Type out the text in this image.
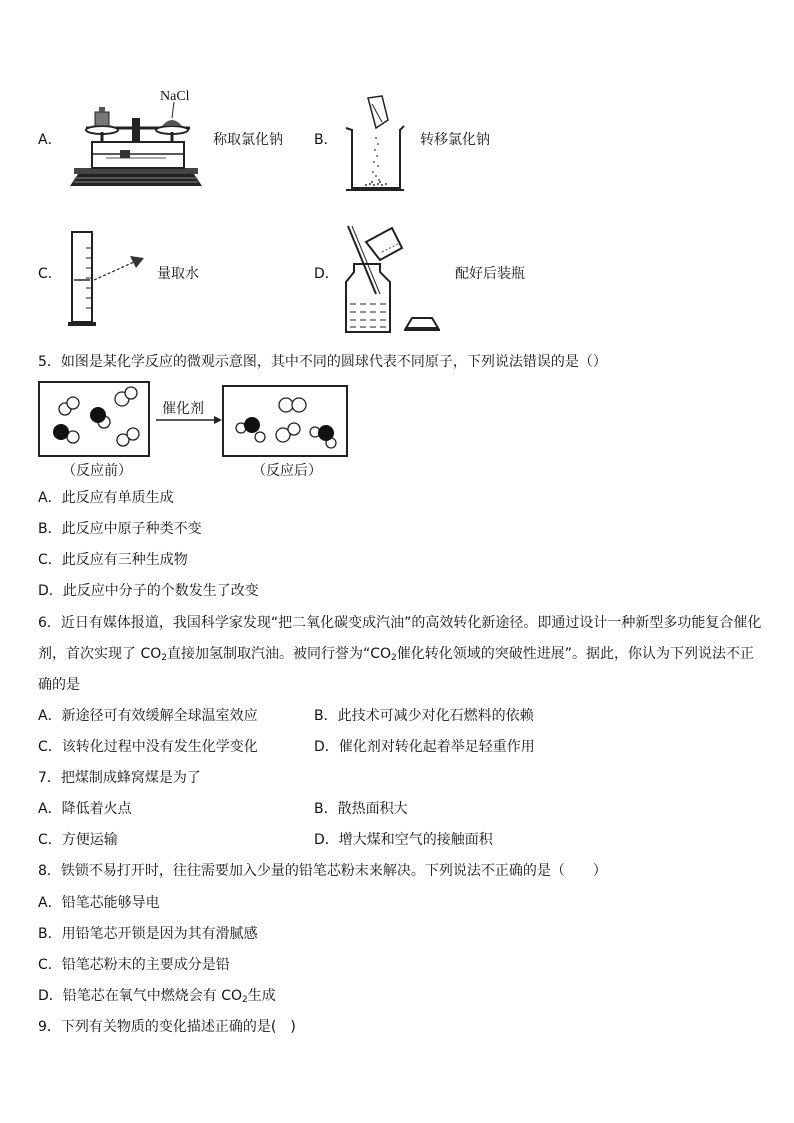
A．
NaCl
称取氯化钠 B．	转移氯化钠
C．	量取水	D．	配好后装瓶
5．如图是某化学反应的微观示意图，其中不同的圆球代表不同原子，下列说法错误的是（）
催化剂
（反应前）	（反应后）
A．此反应有单质生成
B．此反应中原子种类不变
C．此反应有三种生成物
D．此反应中分子的个数发生了改变
6．近日有媒体报道，我国科学家发现“把二氧化碳变成汽油”的高效转化新途径。即通过设计一种新型多功能复合催化
剂，首次实现了 $CO_2$直接加氢制取汽油。被同行誉为“$CO_2$催化转化领域的突破性进展”。据此，你认为下列说法不正
确的是
A．新途径可有效缓解全球温室效应	B．此技术可减少对化石燃料的依赖
C．该转化过程中没有发生化学变化	D．催化剂对转化起着举足轻重作用
7．把煤制成蜂窝煤是为了
A．降低着火点	B．散热面积大
C．方便运输	D．增大煤和空气的接触面积
8．铁锁不易打开时，往往需要加入少量的铅笔芯粉末来解决。下列说法不正确的是（　　）
A．铅笔芯能够导电
B．用铅笔芯开锁是因为其有滑腻感
C．铅笔芯粉末的主要成分是铅
D．铅笔芯在氧气中燃烧会有 $CO_2$生成
9．下列有关物质的变化描述正确的是(　)
